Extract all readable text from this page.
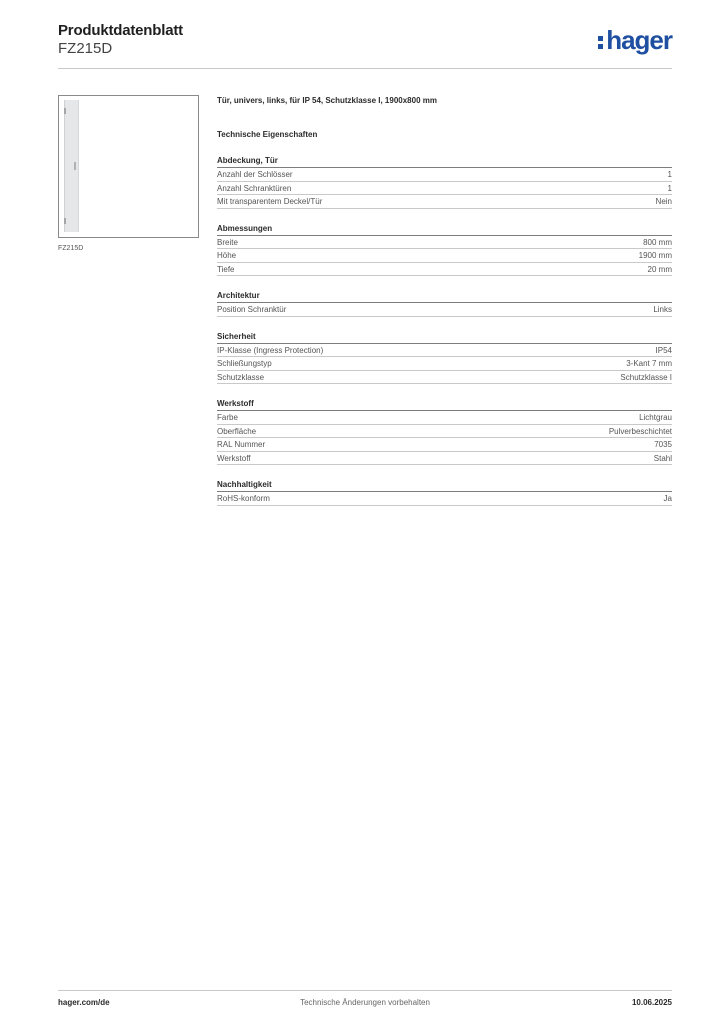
Produktdatenblatt
FZ215D	hager
FZ215D
Tür, univers, links, für IP 54, Schutzklasse I, 1900x800 mm
Technische Eigenschaften
Abdeckung, Tür
Anzahl der Schlösser	1
Anzahl Schranktüren	1
Mit transparentem Deckel/Tür	Nein
Abmessungen
Breite	800 mm
Höhe	1900 mm
Tiefe	20 mm
Architektur
Position Schranktür	Links
Sicherheit
IP-Klasse (Ingress Protection)	IP54
Schließungstyp	3-Kant 7 mm
Schutzklasse	Schutzklasse I
Werkstoff
Farbe	Lichtgrau
Oberfläche	Pulverbeschichtet
RAL Nummer	7035
Werkstoff	Stahl
Nachhaltigkeit
RoHS-konform	Ja
hager.com/de	Technische Änderungen vorbehalten	10.06.2025
